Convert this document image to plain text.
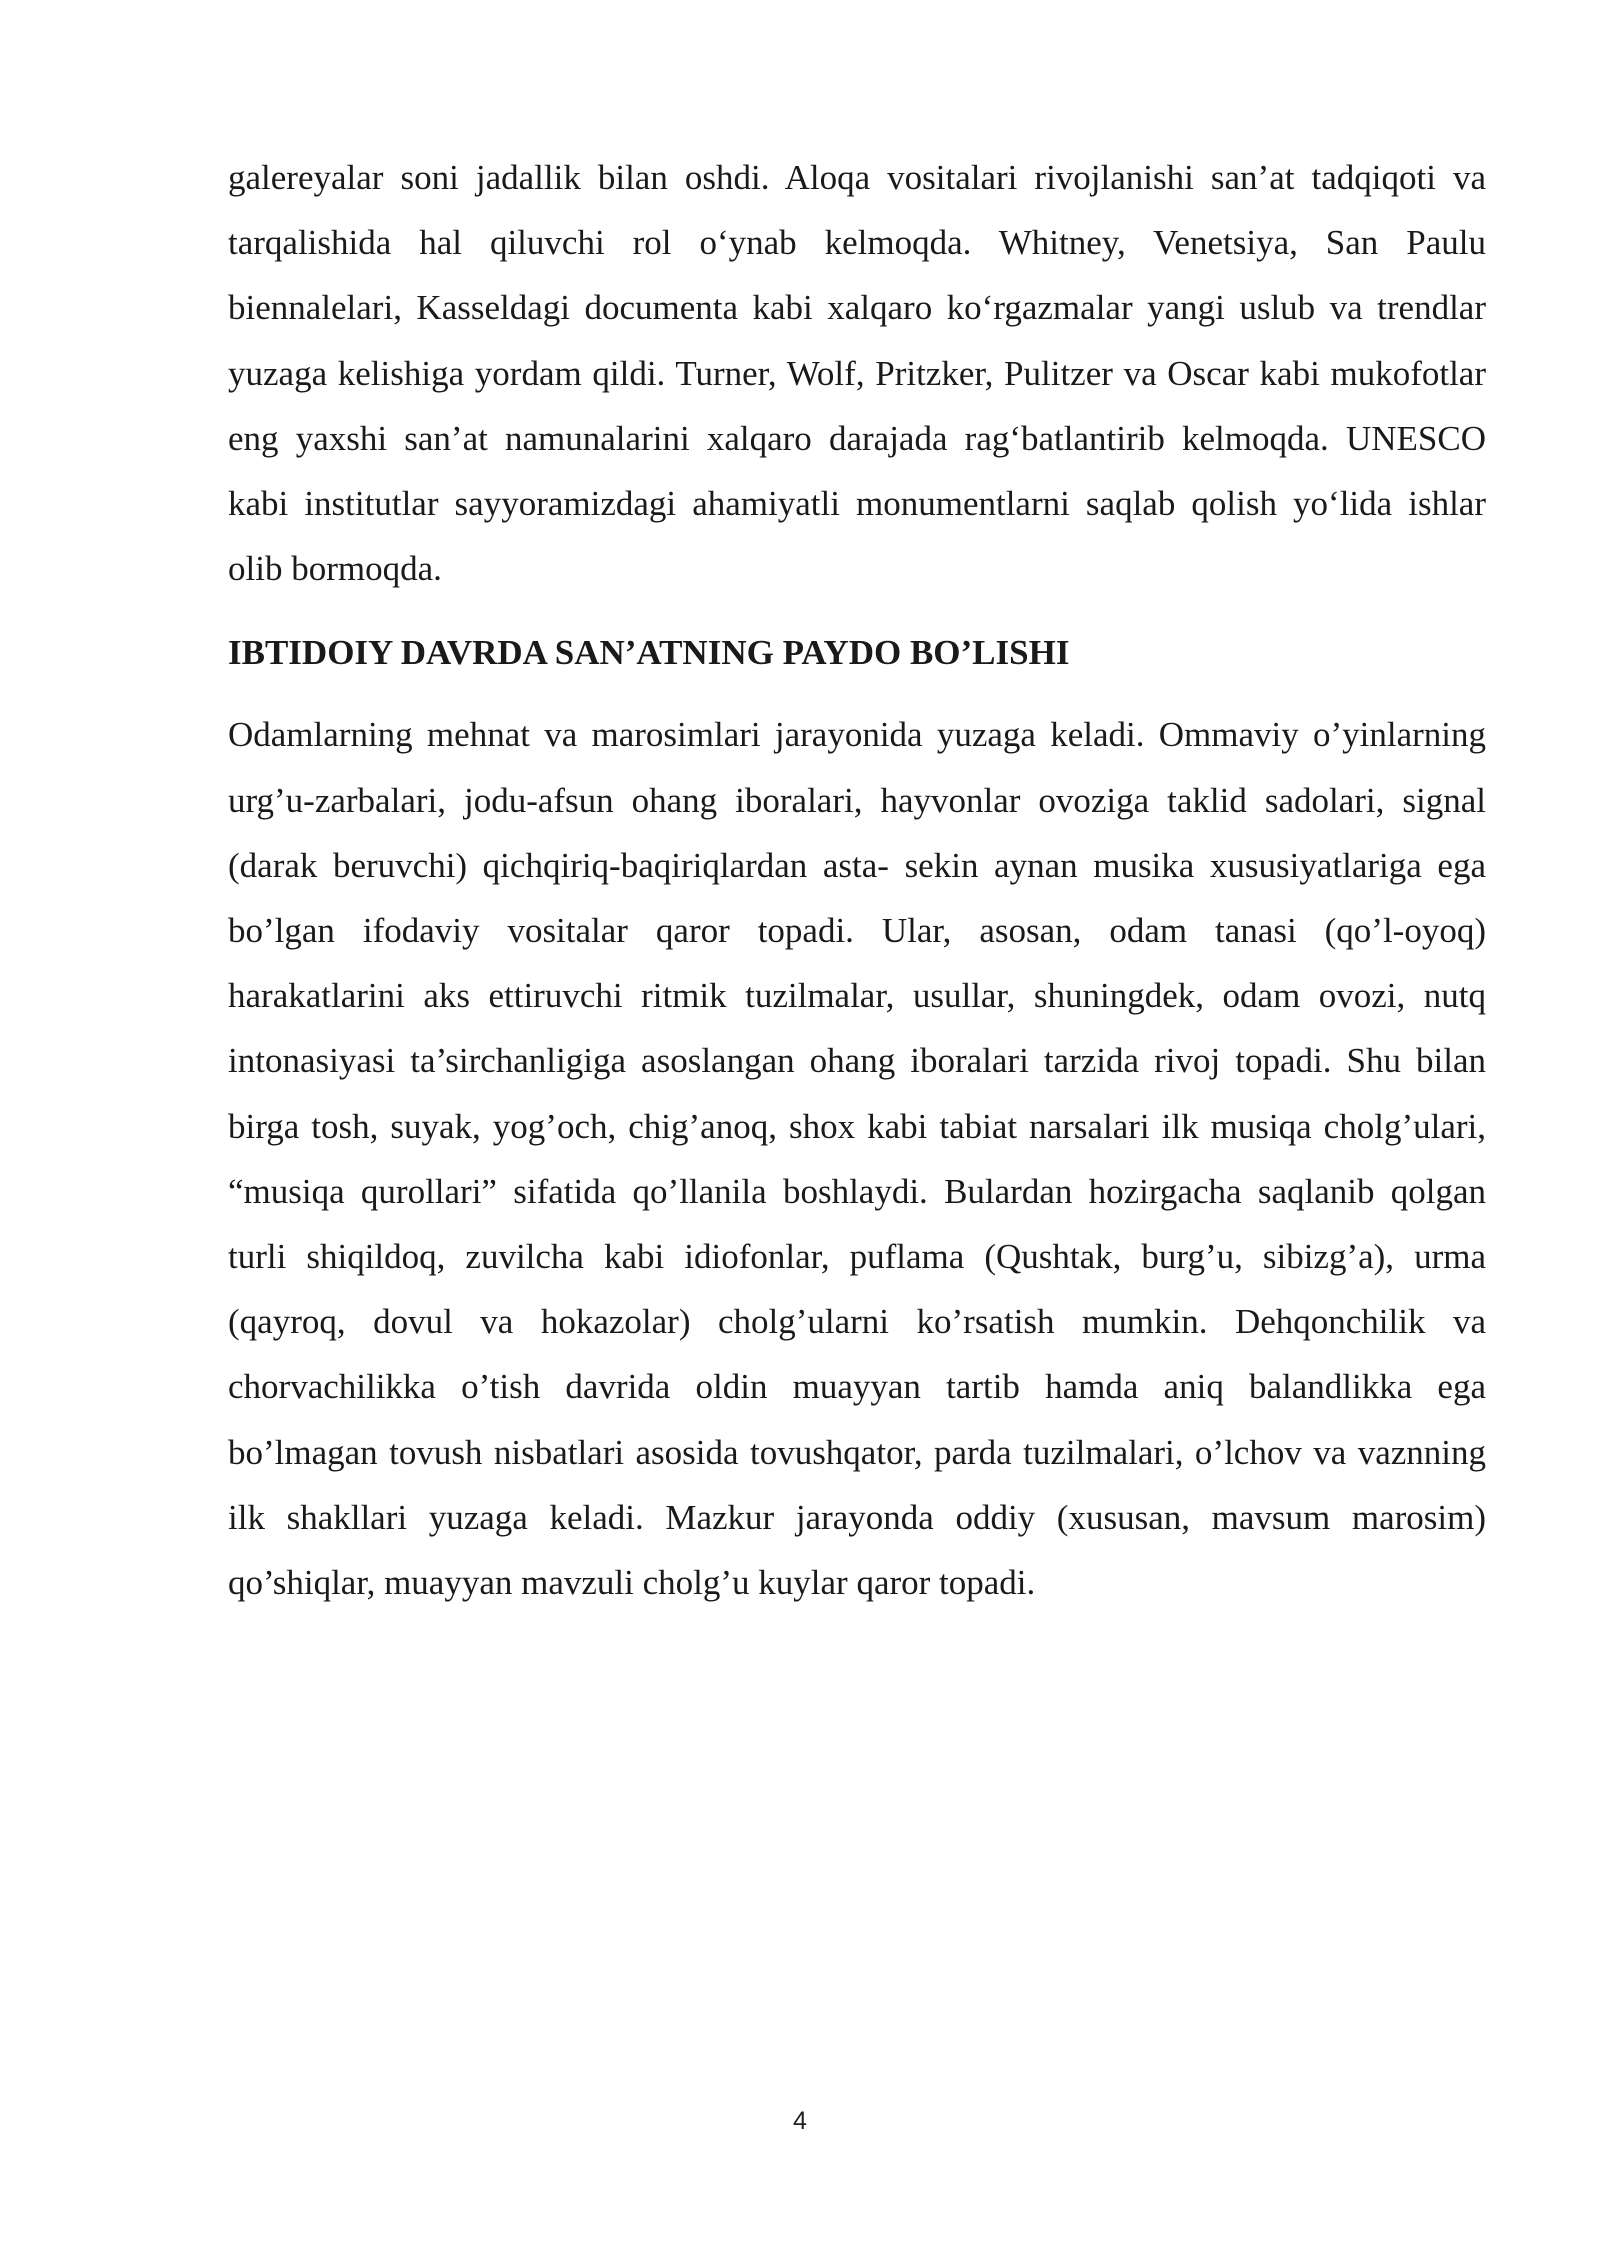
galereyalar soni jadallik bilan oshdi. Aloqa vositalari rivojlanishi san’at tadqiqoti va tarqalishida hal qiluvchi rol o‘ynab kelmoqda. Whitney, Venetsiya, San Paulu biennalelari, Kasseldagi documenta kabi xalqaro ko‘rgazmalar yangi uslub va trendlar yuzaga kelishiga yordam qildi. Turner, Wolf, Pritzker, Pulitzer va Oscar kabi mukofotlar eng yaxshi san’at namunalarini xalqaro darajada rag‘batlantirib kelmoqda. UNESCO kabi institutlar sayyoramizdagi ahamiyatli monumentlarni saqlab qolish yo‘lida ishlar olib bormoqda.

IBTIDOIY DAVRDA SAN’ATNING PAYDO BO’LISHI

Odamlarning mehnat va marosimlari jarayonida yuzaga keladi. Ommaviy o’yinlarning urg’u-zarbalari, jodu-afsun ohang iboralari, hayvonlar ovoziga taklid sadolari, signal (darak beruvchi) qichqiriq-baqiriqlardan asta- sekin aynan musika xususiyatlariga ega bo’lgan ifodaviy vositalar qaror topadi. Ular, asosan, odam tanasi (qo’l-oyoq) harakatlarini aks ettiruvchi ritmik tuzilmalar, usullar, shuningdek, odam ovozi, nutq intonasiyasi ta’sirchanligiga asoslangan ohang iboralari tarzida rivoj topadi. Shu bilan birga tosh, suyak, yog’och, chig’anoq, shox kabi tabiat narsalari ilk musiqa cholg’ulari, “musiqa qurollari” sifatida qo’llanila boshlaydi. Bulardan hozirgacha saqlanib qolgan turli shiqildoq, zuvilcha kabi idiofonlar, puflama (Qushtak, burg’u, sibizg’a), urma (qayroq, dovul va hokazolar) cholg’ularni ko’rsatish mumkin. Dehqonchilik va chorvachilikka o’tish davrida oldin muayyan tartib hamda aniq balandlikka ega bo’lmagan tovush nisbatlari asosida tovushqator, parda tuzilmalari, o’lchov va vaznning ilk shakllari yuzaga keladi. Mazkur jarayonda oddiy (xususan, mavsum marosim) qo’shiqlar, muayyan mavzuli cholg’u kuylar qaror topadi.

4
